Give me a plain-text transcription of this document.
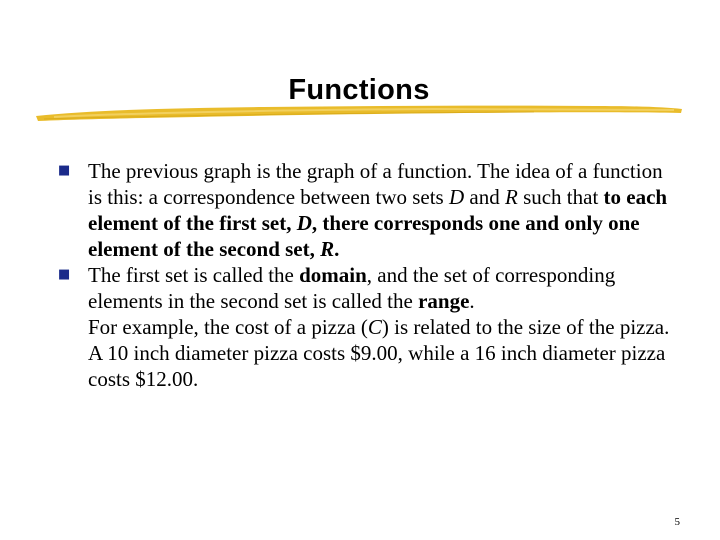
Functions
■ The previous graph is the graph of a function. The idea of a function is this: a correspondence between two sets D and R such that to each element of the first set, D, there corresponds one and only one element of the second set, R.
■ The first set is called the domain, and the set of corresponding elements in the second set is called the range.
For example, the cost of a pizza (C) is related to the size of the pizza. A 10 inch diameter pizza costs $9.00, while a 16 inch diameter pizza costs $12.00.
5
